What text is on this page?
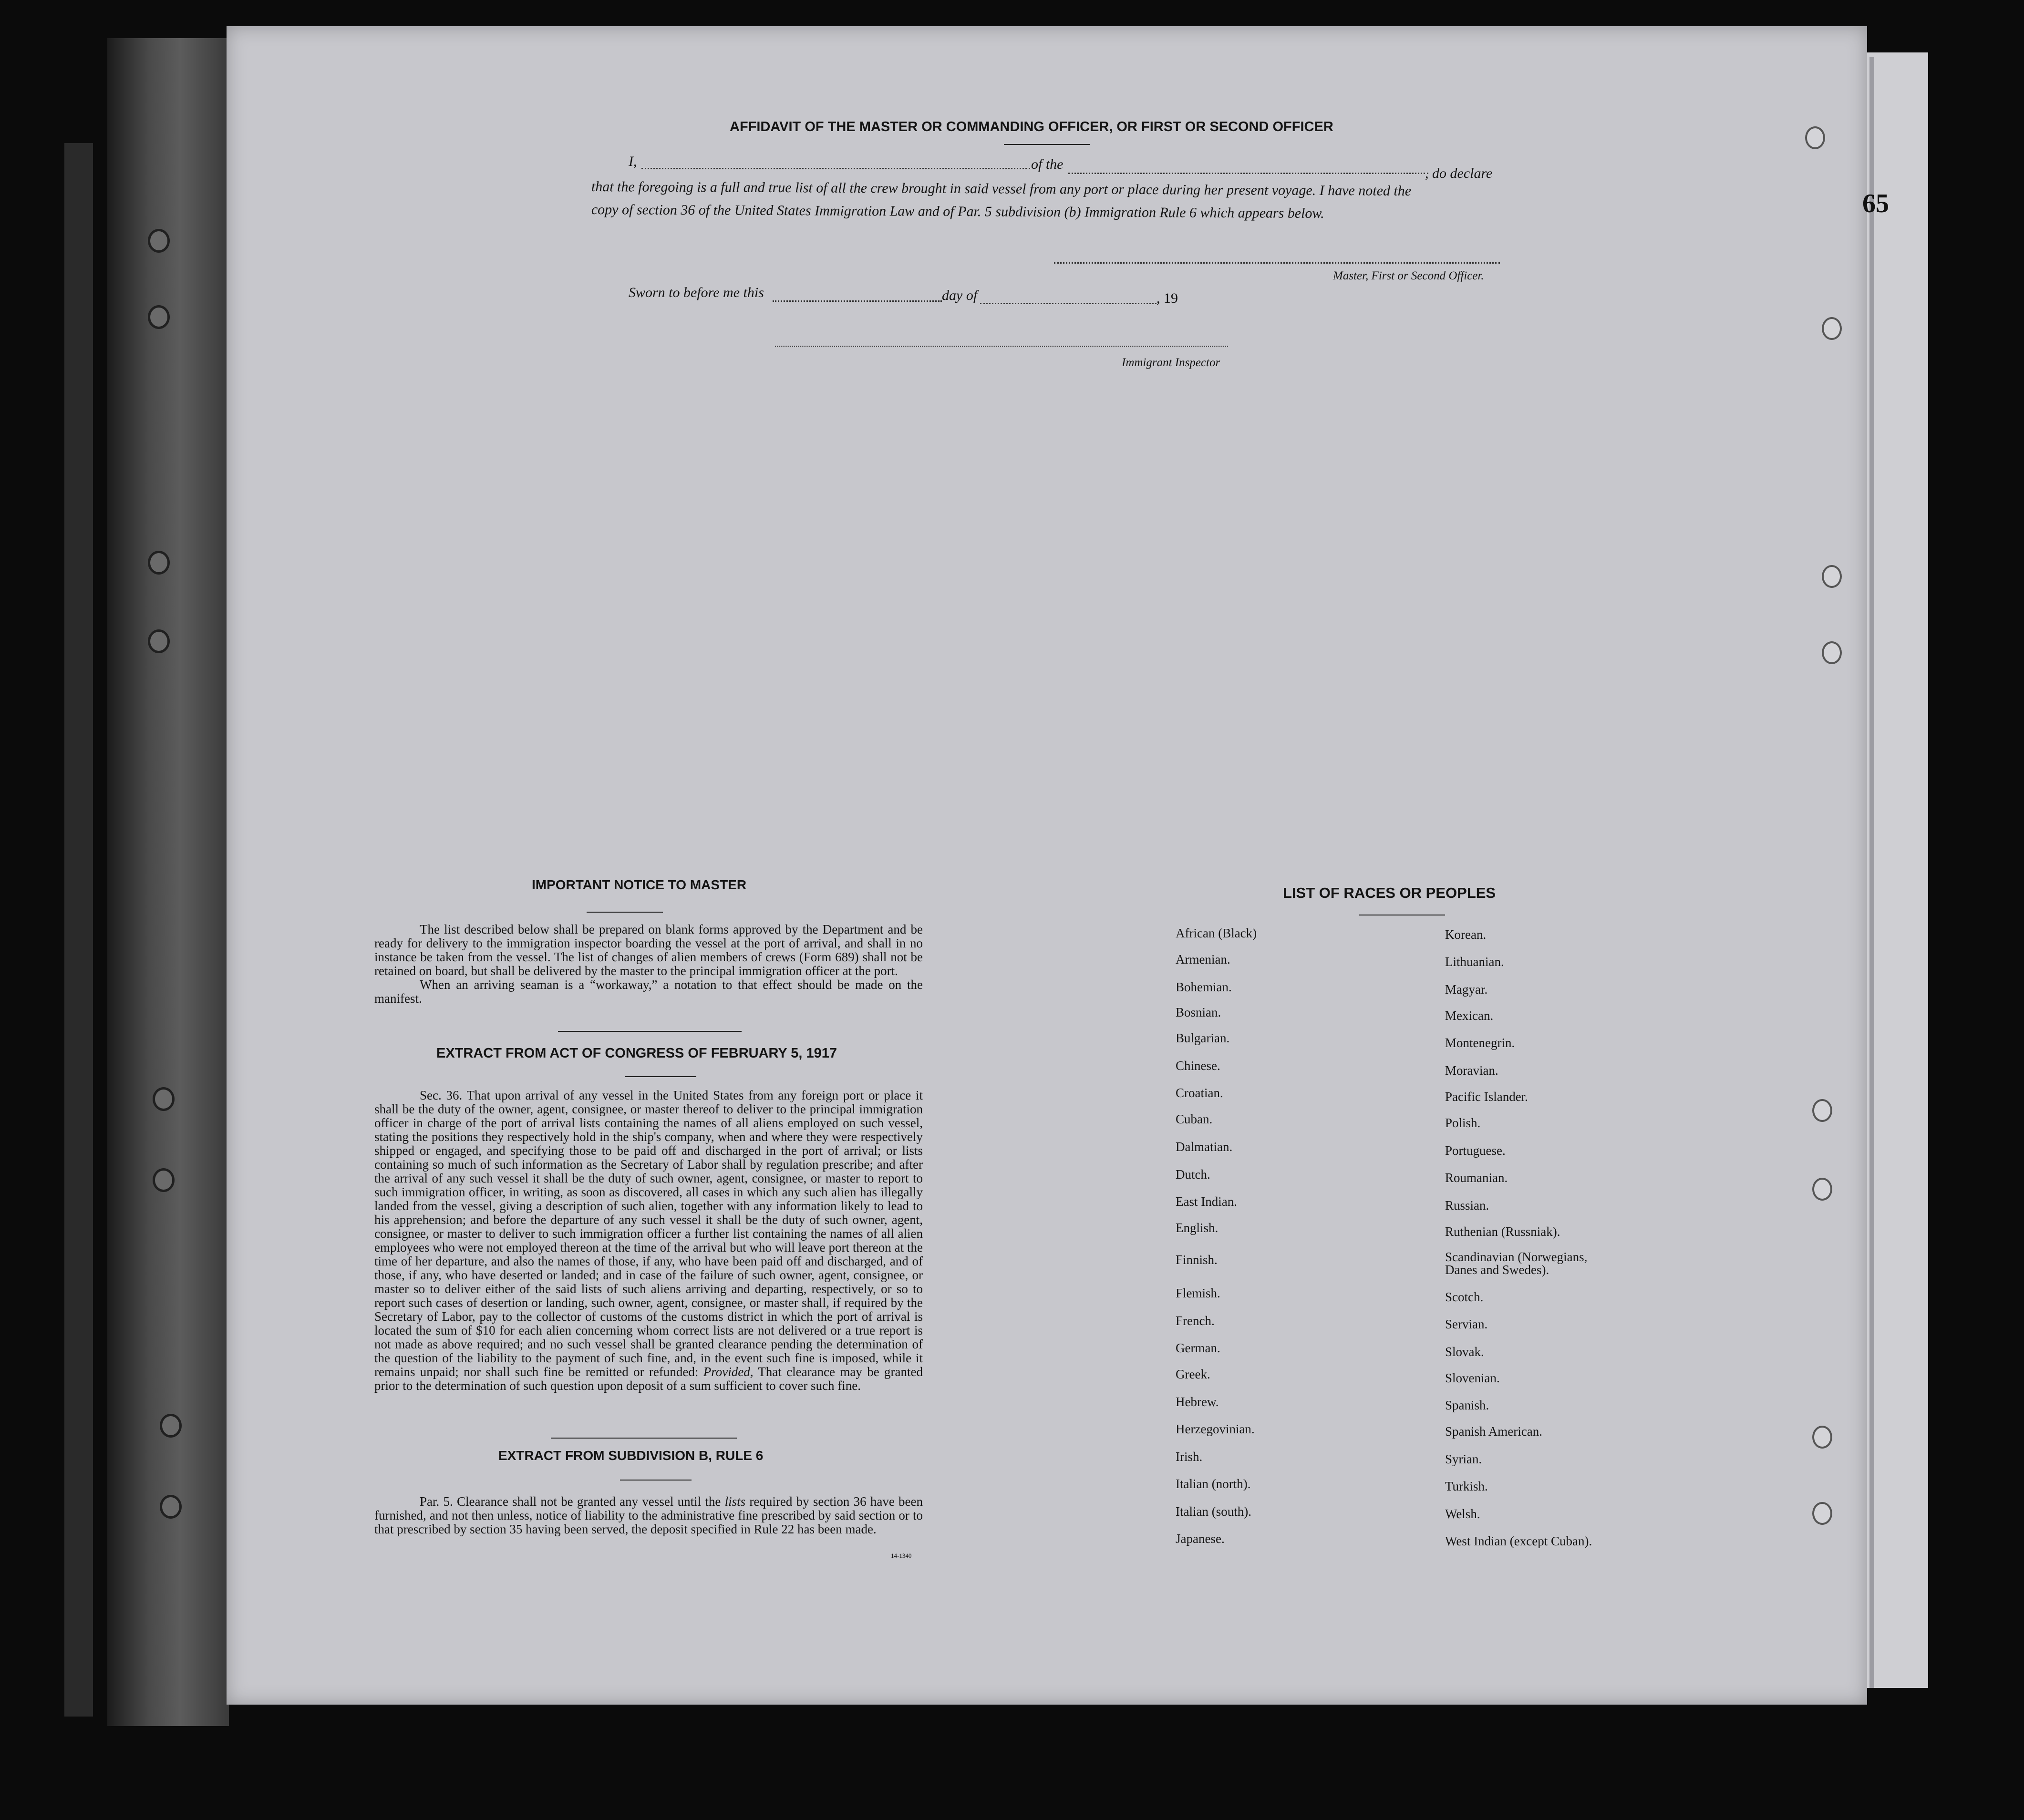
65
AFFIDAVIT OF THE MASTER OR COMMANDING OFFICER, OR FIRST OR SECOND OFFICER
I,	of the
, do declare
that the foregoing is a full and true list of all the crew brought in said vessel from any port or place during her present voyage. I have noted the
copy of section 36 of the United States Immigration Law and of Par. 5 subdivision (b) Immigration Rule 6 which appears below.
Master, First or Second Officer.
Sworn to before me this	day of	, 19
Immigrant Inspector
IMPORTANT NOTICE TO MASTER

The list described below shall be prepared on blank forms approved by the Department and be ready for delivery to the immigration inspector boarding the vessel at the port of arrival, and shall in no instance be taken from the vessel. The list of changes of alien members of crews (Form 689) shall not be retained on board, but shall be delivered by the master to the principal immigration officer at the port.

When an arriving seaman is a “workaway,” a notation to that effect should be made on the manifest.

EXTRACT FROM ACT OF CONGRESS OF FEBRUARY 5, 1917

Sec. 36. That upon arrival of any vessel in the United States from any foreign port or place it shall be the duty of the owner, agent, consignee, or master thereof to deliver to the principal immigration officer in charge of the port of arrival lists containing the names of all aliens employed on such vessel, stating the positions they respectively hold in the ship's company, when and where they were respectively shipped or engaged, and specifying those to be paid off and discharged in the port of arrival; or lists containing so much of such information as the Secretary of Labor shall by regulation prescribe; and after the arrival of any such vessel it shall be the duty of such owner, agent, consignee, or master to report to such immigration officer, in writing, as soon as discovered, all cases in which any such alien has illegally landed from the vessel, giving a description of such alien, together with any information likely to lead to his apprehension; and before the departure of any such vessel it shall be the duty of such owner, agent, consignee, or master to deliver to such immigration officer a further list containing the names of all alien employees who were not employed thereon at the time of the arrival but who will leave port thereon at the time of her departure, and also the names of those, if any, who have been paid off and discharged, and of those, if any, who have deserted or landed; and in case of the failure of such owner, agent, consignee, or master so to deliver either of the said lists of such aliens arriving and departing, respectively, or so to report such cases of desertion or landing, such owner, agent, consignee, or master shall, if required by the Secretary of Labor, pay to the collector of customs of the customs district in which the port of arrival is located the sum of $10 for each alien concerning whom correct lists are not delivered or a true report is not made as above required; and no such vessel shall be granted clearance pending the determination of the question of the liability to the payment of such fine, and, in the event such fine is imposed, while it remains unpaid; nor shall such fine be remitted or refunded: Provided, That clearance may be granted prior to the determination of such question upon deposit of a sum sufficient to cover such fine.

EXTRACT FROM SUBDIVISION B, RULE 6

Par. 5. Clearance shall not be granted any vessel until the lists required by section 36 have been furnished, and not then unless, notice of liability to the administrative fine prescribed by said section or to that prescribed by section 35 having been served, the deposit specified in Rule 22 has been made.

14-1340
LIST OF RACES OR PEOPLES
African (Black)
Armenian.
Bohemian.
Bosnian.
Bulgarian.
Chinese.
Croatian.
Cuban.
Dalmatian.
Dutch.
East Indian.
English.
Finnish.
Flemish.
French.
German.
Greek.
Hebrew.
Herzegovinian.
Irish.
Italian (north).
Italian (south).
Japanese.
Korean.
Lithuanian.
Magyar.
Mexican.
Montenegrin.
Moravian.
Pacific Islander.
Polish.
Portuguese.
Roumanian.
Russian.
Ruthenian (Russniak).
Scandinavian (Norwegians, Danes and Swedes).
Scotch.
Servian.
Slovak.
Slovenian.
Spanish.
Spanish American.
Syrian.
Turkish.
Welsh.
West Indian (except Cuban).
